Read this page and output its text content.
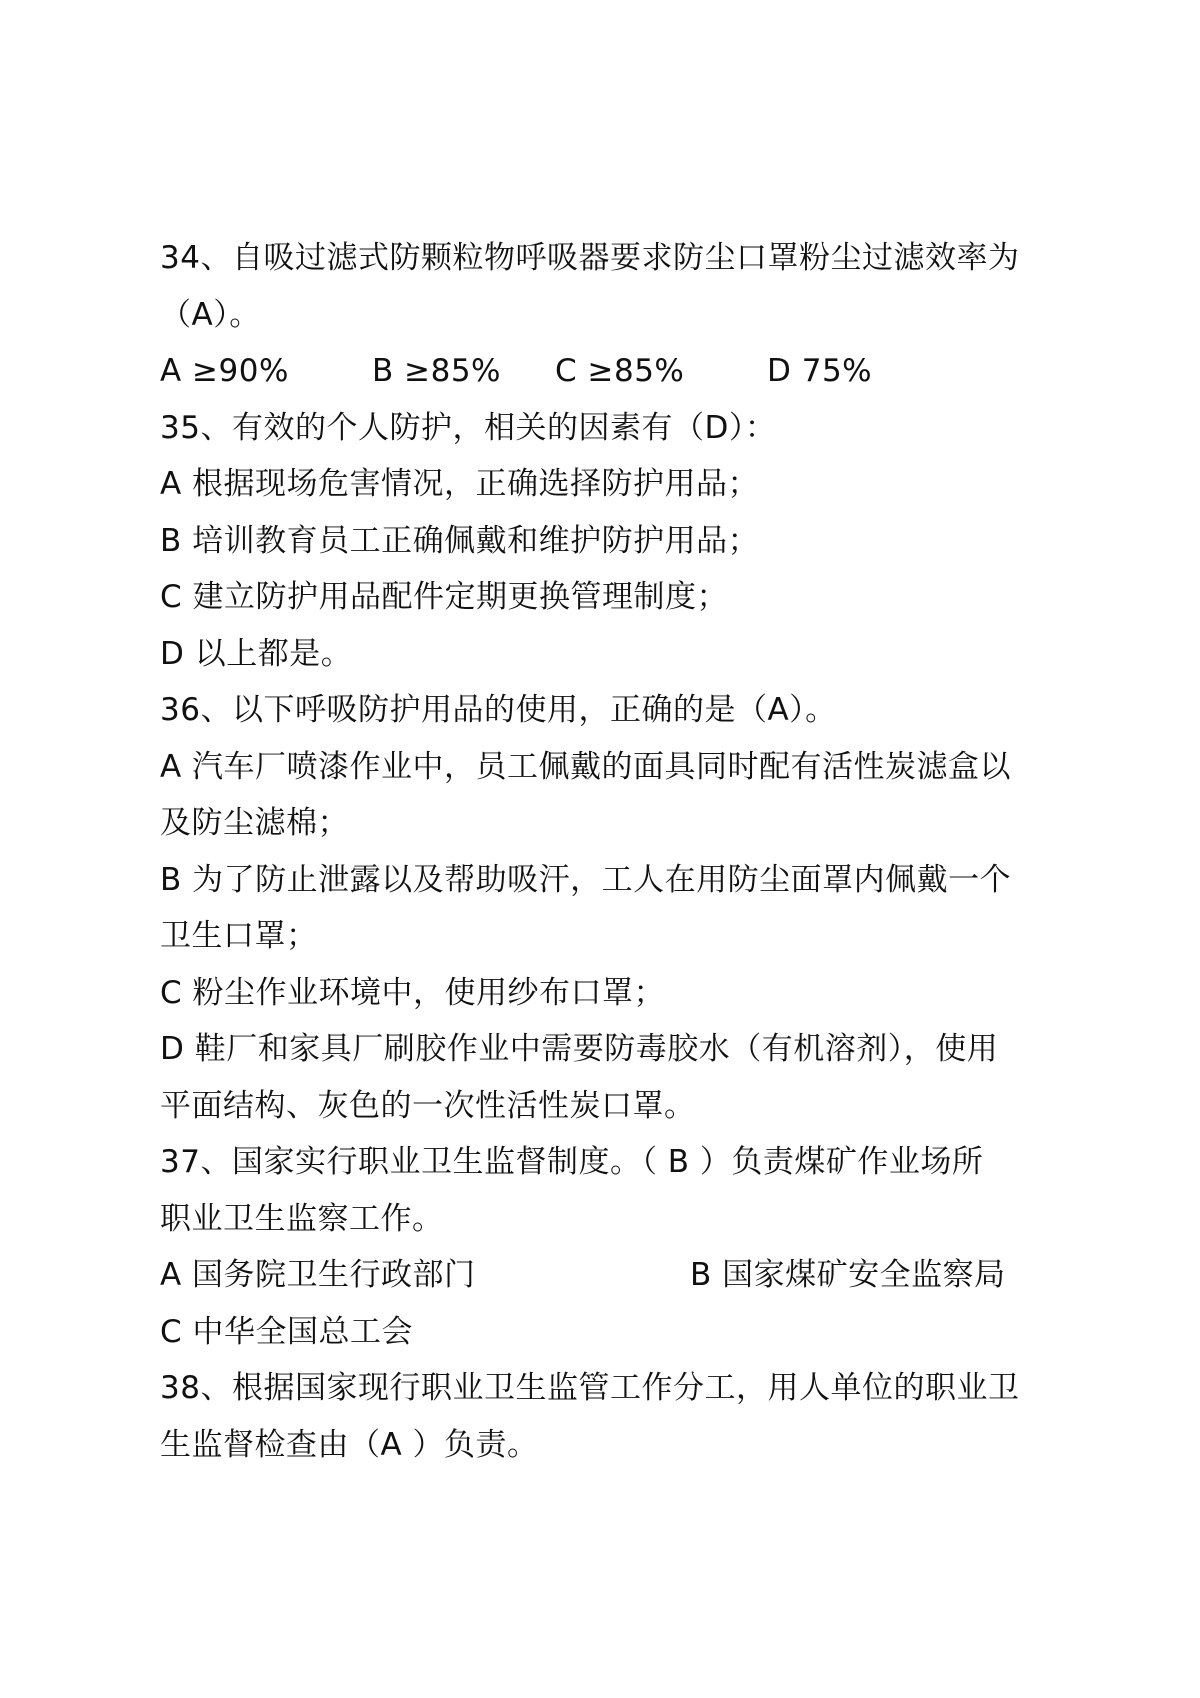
34、自吸过滤式防颗粒物呼吸器要求防尘口罩粉尘过滤效率为
（A）。
A ≥90%	B ≥85%	C ≥85%	D 75%
35、有效的个人防护，相关的因素有（D）：
A 根据现场危害情况，正确选择防护用品；
B 培训教育员工正确佩戴和维护防护用品；
C 建立防护用品配件定期更换管理制度；
D 以上都是。
36、以下呼吸防护用品的使用，正确的是（A）。
A 汽车厂喷漆作业中，员工佩戴的面具同时配有活性炭滤盒以
及防尘滤棉；
B 为了防止泄露以及帮助吸汗，工人在用防尘面罩内佩戴一个
卫生口罩；
C 粉尘作业环境中，使用纱布口罩；
D 鞋厂和家具厂刷胶作业中需要防毒胶水（有机溶剂），使用
平面结构、灰色的一次性活性炭口罩。
37、国家实行职业卫生监督制度。（ B ）负责煤矿作业场所
职业卫生监察工作。
A 国务院卫生行政部门	B 国家煤矿安全监察局
C 中华全国总工会
38、根据国家现行职业卫生监管工作分工，用人单位的职业卫
生监督检查由（A ）负责。
